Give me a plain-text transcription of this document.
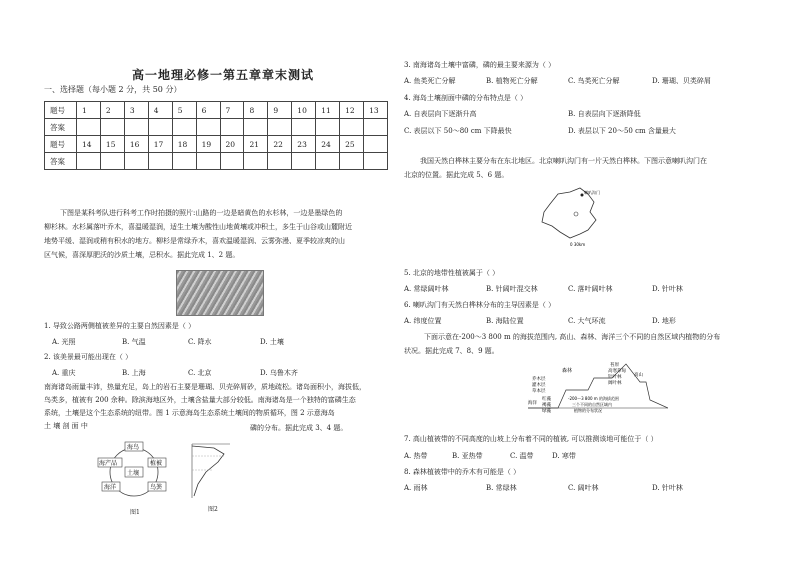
高一地理必修一第五章章末测试
一、选择题（每小题 2 分，共 50 分）
题号	1	2	3	4	5	6	7	8	9	10	11	12	13
答案													
题号	14	15	16	17	18	19	20	21	22	23	24	25	
答案													
下图是某科考队进行科考工作时拍摄的照片:山路的一边是暗黄色的水杉林，一边是墨绿色的
柳杉林。水杉属落叶乔木，喜温暖湿润，适生土壤为酸性山地黄壤或冲积土，多生于山谷或山麓附近
地势平缓、湿润或稍有积水的地方。柳杉是常绿乔木，喜欢温暖湿润、云雾弥漫、夏季较凉爽的山
区气候，喜深厚肥沃的沙质土壤，忌积水。据此完成 1、2 题。
1. 导致公路两侧植被差异的主要自然因素是（ ）
A. 光照	B. 气温	C. 降水	D. 土壤
2. 该美景最可能出现在（ ）
A. 重庆	B. 上海	C. 北京	D. 乌鲁木齐
南海诸岛雨量丰沛，热量充足，岛上的岩石主要是珊瑚、贝壳碎屑砂，质地疏松。诸岛面积小，海拔低，
鸟类多，植被有 200 余种。除滨海地区外，土壤含盐量大部分较低。南海诸岛是一个独特的富磷生态
系统，土壤是这个生态系统的纽带。图 1 示意海岛生态系统土壤间的物质循环，图 2 示意海岛
土 壤 剖 面 中	磷的分布。据此完成 3、4 题。
土壤
海鸟
海产品	植被
海洋	鸟粪
图1	图2
3. 南海诸岛土壤中富磷，磷的最主要来源为（ ）
A. 鱼类死亡分解	B. 植物死亡分解	C. 鸟类死亡分解	D. 珊瑚、贝类碎屑
4. 海岛土壤剖面中磷的分布特点是（ ）
A. 自表层向下逐渐升高	B. 自表层向下逐渐降低
C. 表层以下 50～80 cm 下降最快	D. 表层以下 20～50 cm 含量最大
我国天然白桦林主要分布在东北地区。北京喇叭沟门有一片天然白桦林。下图示意喇叭沟门在
北京的位置。据此完成 5、6 题。
喇叭沟门
0 30km
5. 北京的地带性植被属于（ ）
A. 常绿阔叶林	B. 针阔叶混交林	C. 落叶阔叶林	D. 针叶林
6. 喇叭沟门有天然白桦林分布的主导因素是（ ）
A. 纬度位置	B. 海陆位置	C. 大气环流	D. 地形
下面示意在-200～3 800 m 的海拔范围内, 高山、森林、海洋三个不同的自然区域内植物的分布
状况。据此完成 7、8、9 题。
森林
乔木层
灌木层
草本层
苔原
高寒草甸
针叶林
阔叶林
高山
海洋
红藻
褐藻
绿藻
-200～3 800 m 的海拔范围
三个不同的自然区域内
植物的分布状况
7. 高山植被带的不同高度的山坡上分布着不同的植被, 可以推测该地可能位于（ ）
A. 热带	B. 亚热带	C. 温带	D. 寒带
8. 森林植被带中的乔木有可能是（ ）
A. 雨林	B. 常绿林	C. 阔叶林	D. 针叶林
